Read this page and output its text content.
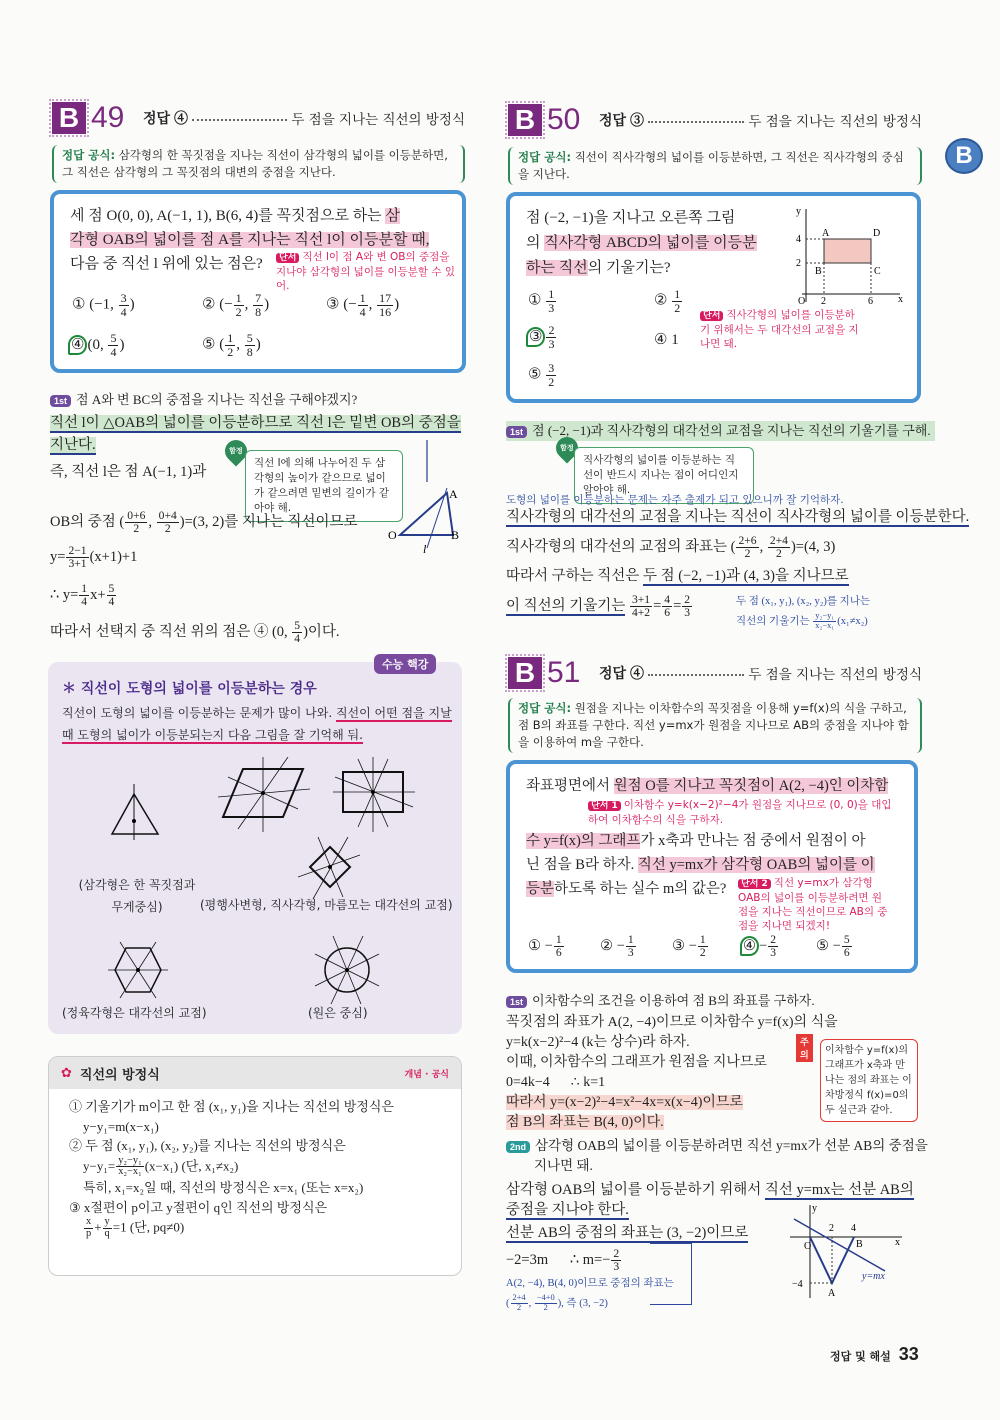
B
B 49	정답 ④	두 점을 지나는 직선의 방정식
정답 공식: 삼각형의 한 꼭짓점을 지나는 직선이 삼각형의 넓이를 이등분하면, 그 직선은 삼각형의 그 꼭짓점의 대변의 중점을 지난다.
세 점 O(0, 0), A(−1, 1), B(6, 4)를 꼭짓점으로 하는 삼
각형 OAB의 넓이를 점 A를 지나는 직선 l이 이등분할 때,
다음 중 직선 l 위에 있는 점은?	단서 직선 l이 점 A와 변 OB의 중점을 지나야 삼각형의 넓이를 이등분할 수 있어.
① (−1, $\frac{3}{4}$ )	② (− $\frac{1}{2}$ , $\frac{7}{8}$ )	③ (− $\frac{1}{4}$ , $\frac{17}{16}$ )
④ (0, $\frac{5}{4}$ )	⑤ ( $\frac{1}{2}$ , $\frac{5}{8}$ )
1st 점 A와 변 BC의 중점을 지나는 직선을 구해야겠지?
직선 l이 △OAB의 넓이를 이등분하므로 직선 l은 밑변 OB의 중점을
지난다.	함정
직선 l에 의해 나누어진 두 삼각형의 높이가 같으므로 넓이가 같으려면 밑변의 길이가 같아야 해.
즉, 직선 l은 점 A(−1, 1)과
OB의 중점 ( $\frac{0+6}{2}$ , $\frac{0+4}{2} )=(3$, 2)를 지나는 직선이므로
$y= \frac{2-1}{3+1} (x+1)+1$
∴ $y= \frac{1}{4} x+ \frac{5}{4}$
따라서 선택지 중 직선 위의 점은 ④ (0, $\frac{5}{4}$ )이다.
A
O	B
l
수능 핵강
＊ 직선이 도형의 넓이를 이등분하는 경우
직선이 도형의 넓이를 이등분하는 문제가 많이 나와. 직선이 어떤 점을 지날
때 도형의 넓이가 이등분되는지 다음 그림을 잘 기억해 둬.
(삼각형은 한 꼭짓점과 무게중심)	(평행사변형, 직사각형, 마름모는 대각선의 교점)
(정육각형은 대각선의 교점)	(원은 중심)
✿ 직선의 방정식	개념 · 공식
① 기울기가 m이고 한 점 (x₁, y₁)을 지나는 직선의 방정식은
y−y₁=m(x−x₁)
② 두 점 (x₁, y₁), (x₂, y₂)를 지나는 직선의 방정식은
$y-y_1= \frac{\text{y₂−y₁}}{\text{x₂−x₁}} (x-x_1)$ (단, x₁≠x₂)
특히, x₁=x₂일 때, 직선의 방정식은 x=x₁ (또는 x=x₂)
③ x절편이 p이고 y절편이 q인 직선의 방정식은
$\frac{x}{p} + \frac{y}{q} =1$ (단, pq≠0)
B 50	정답 ③	두 점을 지나는 직선의 방정식
정답 공식: 직선이 직사각형의 넓이를 이등분하면, 그 직선은 직사각형의 중심을 지난다.
점 (−2, −1)을 지나고 오른쪽 그림
의 직사각형 ABCD의 넓이를 이등분
하는 직선의 기울기는?
y
x
O 2	6
4
2
A
B	C
D
단서 직사각형의 넓이를 이등분하기 위해서는 두 대각선의 교점을 지나면 돼.
① $\frac{1}{3}$	② $\frac{1}{2}$
③ $\frac{2}{3}$	④ 1
⑤ $\frac{3}{2}$
1st 점 (−2, −1)과 직사각형의 대각선의 교점을 지나는 직선의 기울기를 구해.
함정
직사각형의 넓이를 이등분하는 직선이 반드시 지나는 점이 어디인지 알아야 해.
도형의 넓이를 이등분하는 문제는 자주 출제가 되고 있으니까 잘 기억하자.
직사각형의 대각선의 교점을 지나는 직선이 직사각형의 넓이를 이등분한다.
직사각형의 대각선의 교점의 좌표는 ( $\frac{2+6}{2}$ , $\frac{2+4}{2} )=(4$, 3)
따라서 구하는 직선은 두 점 (−2, −1)과 (4, 3)을 지나므로
이 직선의 기울기는 $\frac{3+1}{4+2} = \frac{4}{6} = \frac{2}{3}$	두 점 (x₁, y₁), (x₂, y₂)를 지나는
직선의 기울기는 $\frac{\text{y₂−y₁}}{\text{x₂−x₁}} (x_1\ne x_2)$
B 51	정답 ④	두 점을 지나는 직선의 방정식
정답 공식: 원점을 지나는 이차함수의 꼭짓점을 이용해 y=f(x)의 식을 구하고, 점 B의 좌표를 구한다. 직선 y=mx가 원점을 지나므로 AB의 중점을 지나야 함을 이용하여 m을 구한다.
좌표평면에서 원점 O를 지나고 꼭짓점이 A(2, −4)인 이차함
단서 1 이차함수 y=k(x−2)²−4가 원점을 지나므로 (0, 0)을 대입하여 이차함수의 식을 구하자.
수 y=f(x)의 그래프가 x축과 만나는 점 중에서 원점이 아
닌 점을 B라 하자. 직선 y=mx가 삼각형 OAB의 넓이를 이
등분하도록 하는 실수 m의 값은?	단서 2 직선 y=mx가 삼각형 OAB의 넓이를 이등분하려면 원점을 지나는 직선이므로 AB의 중점을 지나면 되겠지!
① − $\frac{1}{6}$	② − $\frac{1}{3}$	③ − $\frac{1}{2}$ ④ − $\frac{2}{3}$	⑤ − $\frac{5}{6}$
1st 이차함수의 조건을 이용하여 점 B의 좌표를 구하자.
꼭짓점의 좌표가 A(2, −4)이므로 이차함수 y=f(x)의 식을
y=k(x−2)²−4 (k는 상수)라 하자.
이때, 이차함수의 그래프가 원점을 지나므로
0=4k−4      ∴ k=1
따라서 y=(x−2)²−4=x²−4x=x(x−4)이므로
점 B의 좌표는 B(4, 0)이다.
주의	이차함수 y=f(x)의 그래프가 x축과 만나는 점의 좌표는 이차방정식 f(x)=0의 두 실근과 같아.
2nd 삼각형 OAB의 넓이를 이등분하려면 직선 y=mx가 선분 AB의 중점을
지나면 돼.
삼각형 OAB의 넓이를 이등분하기 위해서 직선 y=mx는 선분 AB의
중점을 지나야 한다.
선분 AB의 중점의 좌표는 (3, −2)이므로
−2=3m      ∴ $m=- \frac{2}{3}$
A(2, −4), B(4, 0)이므로 중점의 좌표는
( $\frac{2+4}{2}$ , $\frac{-4+0}{2}$ ), 즉 (3, −2)
y
x
O
2 4
B
−4
A
y=mx
정답 및 해설 33
